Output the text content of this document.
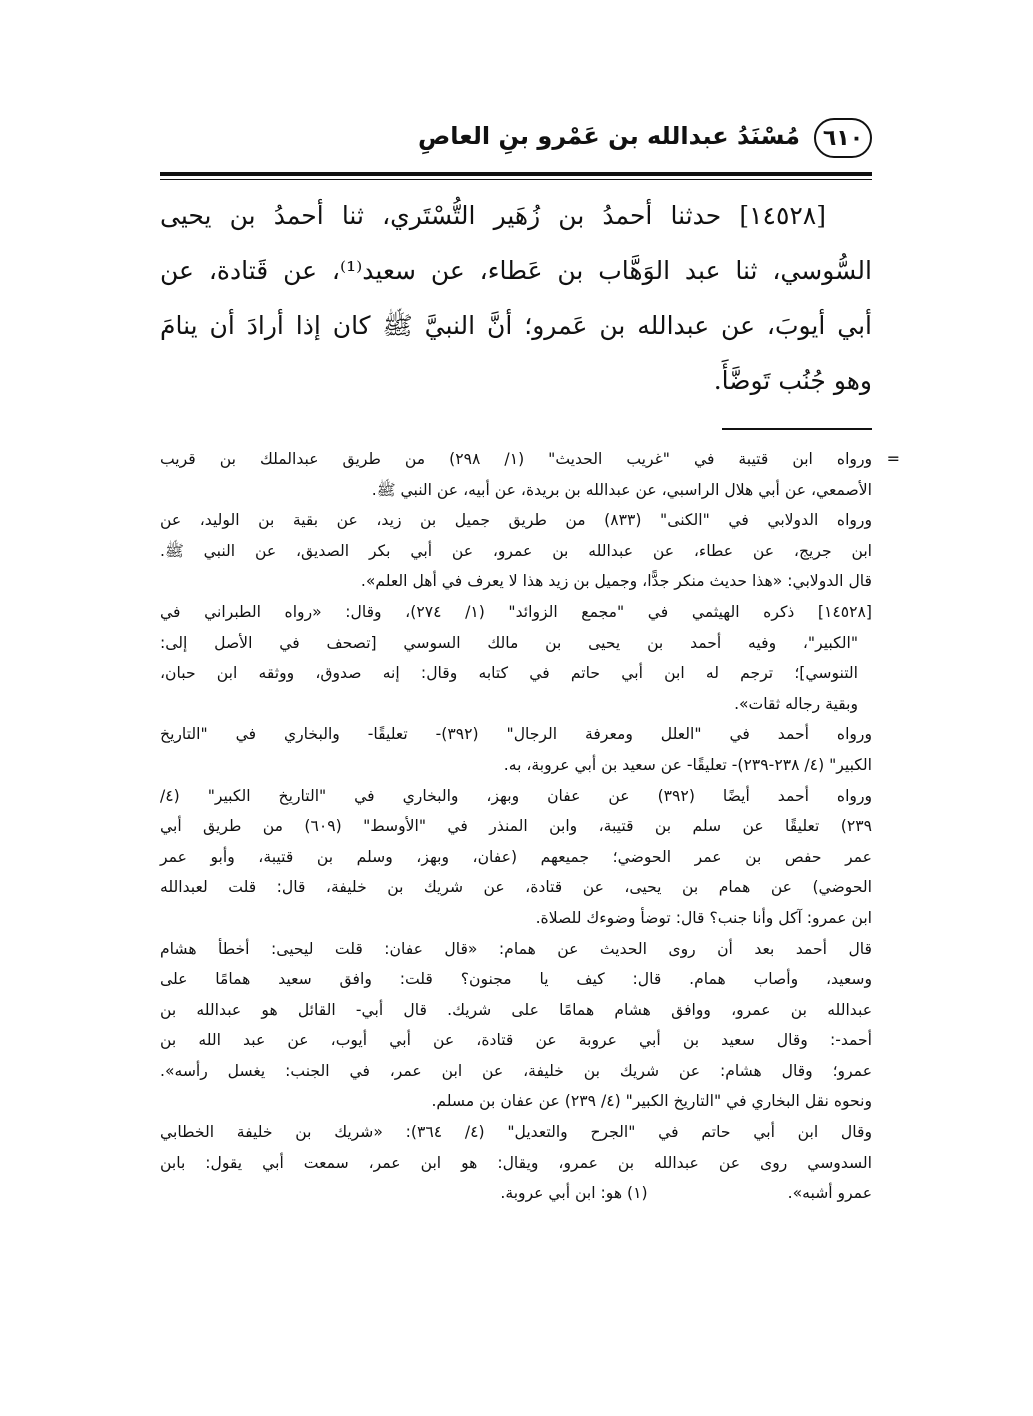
٦١٠
مُسْنَدُ عبدالله بن عَمْرو بنِ العاصِ
[١٤٥٢٨] حدثنا أحمدُ بن زُهَير التُّسْتَري، ثنا أحمدُ بن يحيى
السُّوسي، ثنا عبد الوَهَّاب بن عَطاء، عن سعيد⁽¹⁾، عن قَتادة، عن
أبي أيوبَ، عن عبدالله بن عَمرو؛ أنَّ النبيَّ ﷺ كان إذا أرادَ أن ينامَ
وهو جُنُب تَوضَّأَ.
=
ورواه ابن قتيبة في "غريب الحديث" (١/ ٢٩٨) من طريق عبدالملك بن قريب
الأصمعي، عن أبي هلال الراسبي، عن عبدالله بن بريدة، عن أبيه، عن النبي ﷺ.
ورواه الدولابي في "الكنى" (٨٣٣) من طريق جميل بن زيد، عن بقية بن الوليد، عن
ابن جريج، عن عطاء، عن عبدالله بن عمرو، عن أبي بكر الصديق، عن النبي ﷺ.
قال الدولابي: «هذا حديث منكر جدًّا، وجميل بن زيد هذا لا يعرف في أهل العلم».
[١٤٥٢٨] ذكره الهيثمي في "مجمع الزوائد" (١/ ٢٧٤)، وقال: «رواه الطبراني في
"الكبير"، وفيه أحمد بن يحيى بن مالك السوسي [تصحف في الأصل إلى:
التنوسي]؛ ترجم له ابن أبي حاتم في كتابه وقال: إنه صدوق، ووثقه ابن حبان،
وبقية رجاله ثقات».
ورواه أحمد في "العلل ومعرفة الرجال" (٣٩٢)- تعليقًا- والبخاري في "التاريخ
الكبير" (٤/ ٢٣٨-٢٣٩)- تعليقًا- عن سعيد بن أبي عروبة، به.
ورواه أحمد أيضًا (٣٩٢) عن عفان وبهز، والبخاري في "التاريخ الكبير" (٤/
٢٣٩) تعليقًا عن سلم بن قتيبة، وابن المنذر في "الأوسط" (٦٠٩) من طريق أبي
عمر حفص بن عمر الحوضي؛ جميعهم (عفان، وبهز، وسلم بن قتيبة، وأبو عمر
الحوضي) عن همام بن يحيى، عن قتادة، عن شريك بن خليفة، قال: قلت لعبدالله
ابن عمرو: آكل وأنا جنب؟ قال: توضأ وضوءك للصلاة.
قال أحمد بعد أن روى الحديث عن همام: «قال عفان: قلت ليحيى: أخطأ هشام
وسعيد، وأصاب همام. قال: كيف يا مجنون؟ قلت: وافق سعيد همامًا على
عبدالله بن عمرو، ووافق هشام همامًا على شريك. قال أبي- القائل هو عبدالله بن
أحمد-: وقال سعيد بن أبي عروبة عن قتادة، عن أبي أيوب، عن عبد الله بن
عمرو؛ وقال هشام: عن شريك بن خليفة، عن ابن عمر، في الجنب: يغسل رأسه».
ونحوه نقل البخاري في "التاريخ الكبير" (٤/ ٢٣٩) عن عفان بن مسلم.
وقال ابن أبي حاتم في "الجرح والتعديل" (٤/ ٣٦٤): «شريك بن خليفة الخطابي
السدوسي روى عن عبدالله بن عمرو، ويقال: هو ابن عمر، سمعت أبي يقول: بابن
عمرو أشبه».
(١) هو: ابن أبي عروبة.
